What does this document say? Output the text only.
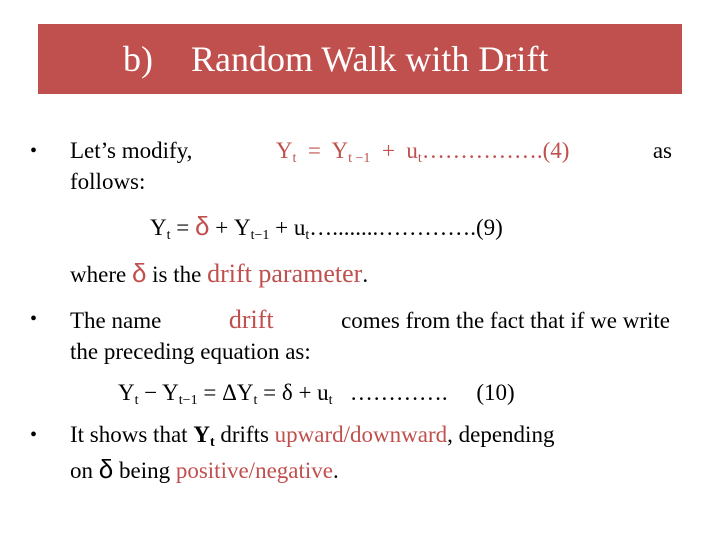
b) Random Walk with Drift
• Let’s modify,	$Y_t = Y_{t -1}$ + $u_t\dots\dots\dots\dots\dots.(4)$	as
follows:
$Y_t = \delta + Y_{t-1}$ + $u_t\dots........\dots\dots\dots\dots.(9)$
where δ is the drift parameter.
• The name	drift	comes from the fact that if we write
the preceding equation as:
$Y_t - Y_{t-1} = \Delta Y_t = \delta + u_t$ ………….     (10)
• It shows that $Y_t$ drifts upward/downward, depending
on δ being positive/negative.
